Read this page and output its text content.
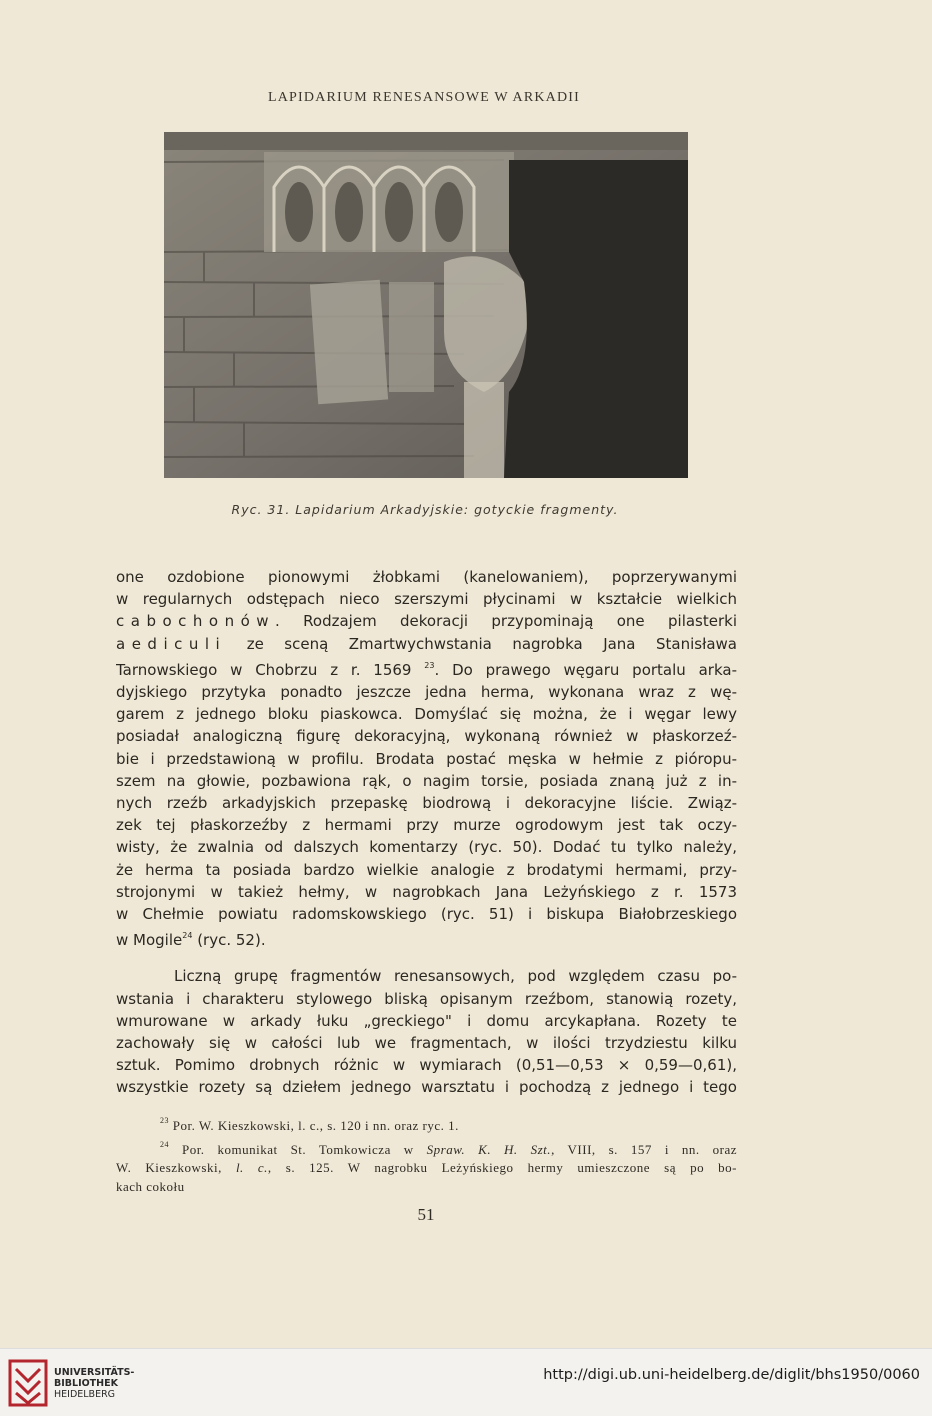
LAPIDARIUM RENESANSOWE W ARKADII
Ryc. 31. Lapidarium Arkadyjskie: gotyckie fragmenty.
one ozdobione pionowymi żłobkami (kanelowaniem), poprzerywanymi
w regularnych odstępach nieco szerszymi płycinami w kształcie wielkich
cabochonów. Rodzajem dekoracji przypominają one pilasterki
aediculi ze sceną Zmartwychwstania nagrobka Jana Stanisława
Tarnowskiego w Chobrzu z r. 1569 $^{23}$. Do prawego węgaru portalu arka-
dyjskiego przytyka ponadto jeszcze jedna herma, wykonana wraz z wę-
garem z jednego bloku piaskowca. Domyślać się można, że i węgar lewy
posiadał analogiczną figurę dekoracyjną, wykonaną również w płaskorzeź-
bie i przedstawioną w profilu. Brodata postać męska w hełmie z pióropu-
szem na głowie, pozbawiona rąk, o nagim torsie, posiada znaną już z in-
nych rzeźb arkadyjskich przepaskę biodrową i dekoracyjne liście. Związ-
zek tej płaskorzeźby z hermami przy murze ogrodowym jest tak oczy-
wisty, że zwalnia od dalszych komentarzy (ryc. 50). Dodać tu tylko należy,
że herma ta posiada bardzo wielkie analogie z brodatymi hermami, przy-
strojonymi w takież hełmy, w nagrobkach Jana Leżyńskiego z r. 1573
w Chełmie powiatu radomskowskiego (ryc. 51) i biskupa Białobrzeskiego
w Mogile$^{24}$ (ryc. 52).
Liczną grupę fragmentów renesansowych, pod względem czasu po-
wstania i charakteru stylowego bliską opisanym rzeźbom, stanowią rozety,
wmurowane w arkady łuku „greckiego" i domu arcykapłana. Rozety te
zachowały się w całości lub we fragmentach, w ilości trzydziestu kilku
sztuk. Pomimo drobnych różnic w wymiarach (0,51—0,53 × 0,59—0,61),
wszystkie rozety są dziełem jednego warsztatu i pochodzą z jednego i tego
$^{23}$ Por. W. Kieszkowski, l. c., s. 120 i nn. oraz ryc. 1.
$^{24}$ Por. komunikat St. Tomkowicza w Spraw. K. H. Szt., VIII, s. 157 i nn. oraz
W. Kieszkowski, l. c., s. 125. W nagrobku Leżyńskiego hermy umieszczone są po bo-
kach cokołu
51
UNIVERSITÄTS-
BIBLIOTHEK
HEIDELBERG
http://digi.ub.uni-heidelberg.de/diglit/bhs1950/0060
